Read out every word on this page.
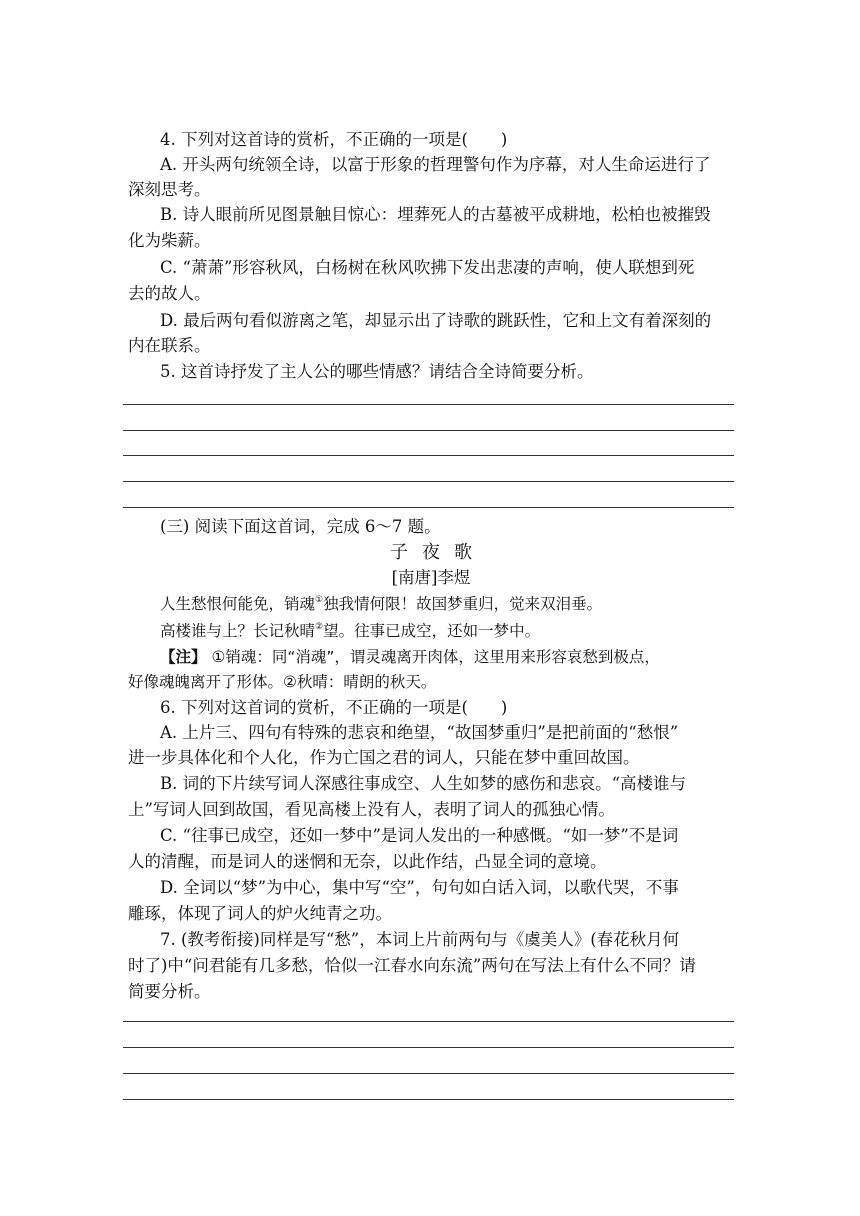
4. 下列对这首诗的赏析，不正确的一项是(　　)
A. 开头两句统领全诗，以富于形象的哲理警句作为序幕，对人生命运进行了
深刻思考。
B. 诗人眼前所见图景触目惊心：埋葬死人的古墓被平成耕地，松柏也被摧毁
化为柴薪。
C. “萧萧”形容秋风，白杨树在秋风吹拂下发出悲凄的声响，使人联想到死
去的故人。
D. 最后两句看似游离之笔，却显示出了诗歌的跳跃性，它和上文有着深刻的
内在联系。
5. 这首诗抒发了主人公的哪些情感？请结合全诗简要分析。
(三) 阅读下面这首词，完成 6～7 题。
子夜歌
[南唐]李煜
人生愁恨何能免，销魂①独我情何限！故国梦重归，觉来双泪垂。
高楼谁与上？长记秋晴②望。往事已成空，还如一梦中。
【注】 ①销魂：同“消魂”，谓灵魂离开肉体，这里用来形容哀愁到极点，
好像魂魄离开了形体。②秋晴：晴朗的秋天。
6. 下列对这首词的赏析，不正确的一项是(　　)
A. 上片三、四句有特殊的悲哀和绝望，“故国梦重归”是把前面的“愁恨”
进一步具体化和个人化，作为亡国之君的词人，只能在梦中重回故国。
B. 词的下片续写词人深感往事成空、人生如梦的感伤和悲哀。“高楼谁与
上”写词人回到故国，看见高楼上没有人，表明了词人的孤独心情。
C. “往事已成空，还如一梦中”是词人发出的一种感慨。“如一梦”不是词
人的清醒，而是词人的迷惘和无奈，以此作结，凸显全词的意境。
D. 全词以“梦”为中心，集中写“空”，句句如白话入词，以歌代哭，不事
雕琢，体现了词人的炉火纯青之功。
7. (教考衔接)同样是写“愁”，本词上片前两句与《虞美人》(春花秋月何
时了)中“问君能有几多愁，恰似一江春水向东流”两句在写法上有什么不同？请
简要分析。
